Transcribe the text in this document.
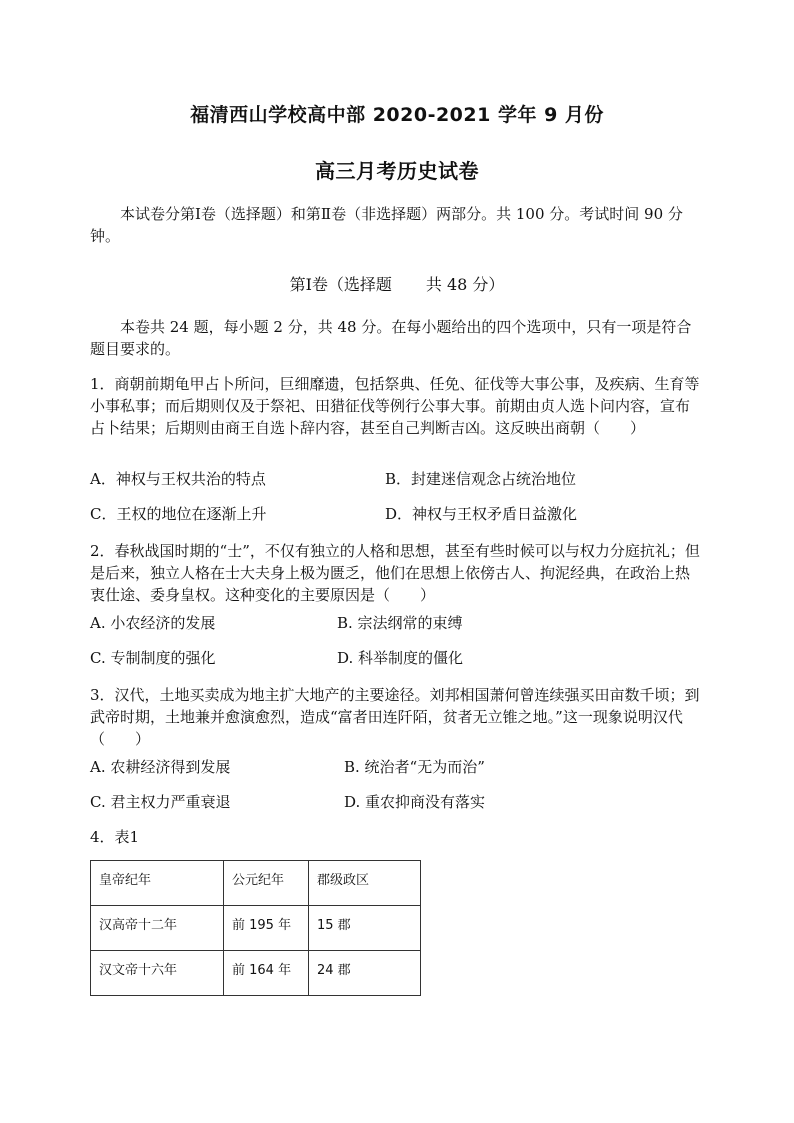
福清西山学校高中部 2020-2021 学年 9 月份
高三月考历史试卷
本试卷分第Ⅰ卷（选择题）和第Ⅱ卷（非选择题）两部分。共 100 分。考试时间 90 分钟。
第Ⅰ卷（选择题 共 48 分）
本卷共 24 题，每小题 2 分，共 48 分。在每小题给出的四个选项中，只有一项是符合题目要求的。
1．商朝前期龟甲占卜所问，巨细靡遗，包括祭典、任免、征伐等大事公事，及疾病、生育等小事私事；而后期则仅及于祭祀、田猎征伐等例行公事大事。前期由贞人选卜问内容，宣布占卜结果；后期则由商王自选卜辞内容，甚至自己判断吉凶。这反映出商朝（　　）
A．神权与王权共治的特点	B．封建迷信观念占统治地位
C．王权的地位在逐渐上升	D．神权与王权矛盾日益激化
2．春秋战国时期的“士”，不仅有独立的人格和思想，甚至有些时候可以与权力分庭抗礼；但是后来，独立人格在士大夫身上极为匮乏，他们在思想上依傍古人、拘泥经典，在政治上热衷仕途、委身皇权。这种变化的主要原因是（　　）
A. 小农经济的发展	B. 宗法纲常的束缚
C. 专制制度的强化	D. 科举制度的僵化
3．汉代，土地买卖成为地主扩大地产的主要途径。刘邦相国萧何曾连续强买田亩数千顷；到武帝时期，土地兼并愈演愈烈，造成“富者田连阡陌，贫者无立锥之地。”这一现象说明汉代（　　）
A. 农耕经济得到发展	B. 统治者“无为而治”
C. 君主权力严重衰退	D. 重农抑商没有落实
4．表1
皇帝纪年	公元纪年	郡级政区
汉高帝十二年	前 195 年	15 郡
汉文帝十六年	前 164 年	24 郡
